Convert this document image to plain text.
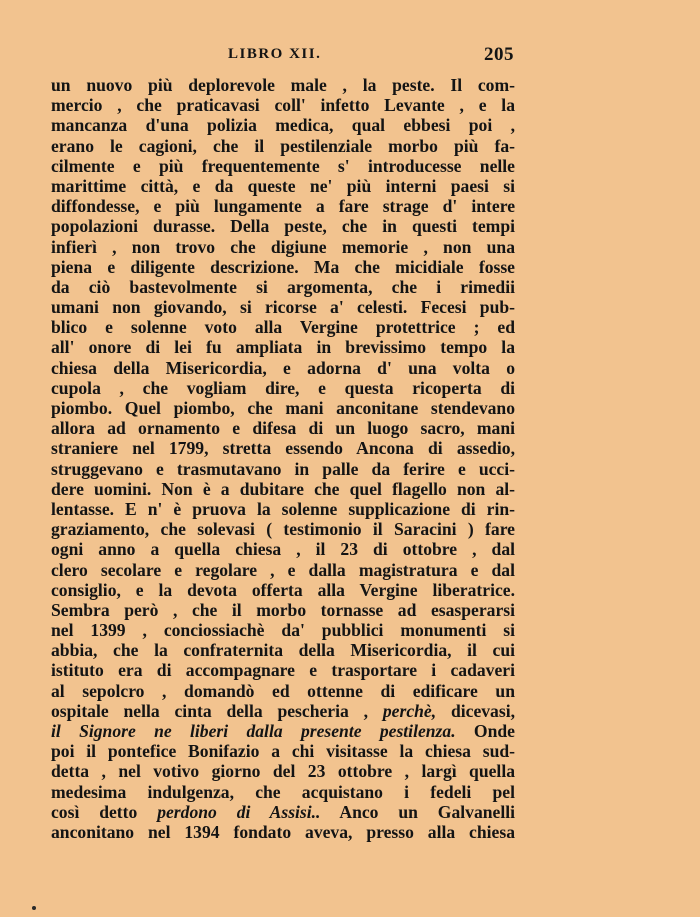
LIBRO XII.	205
un nuovo più deplorevole male , la peste. Il com-
mercio , che praticavasi coll' infetto Levante , e la
mancanza d'una polizia medica, qual ebbesi poi ,
erano le cagioni, che il pestilenziale morbo più fa-
cilmente e più frequentemente s' introducesse nelle
marittime città, e da queste ne' più interni paesi si
diffondesse, e più lungamente a fare strage d' intere
popolazioni durasse. Della peste, che in questi tempi
infierì , non trovo che digiune memorie , non una
piena e diligente descrizione. Ma che micidiale fosse
da ciò bastevolmente si argomenta, che i rimedii
umani non giovando, si ricorse a' celesti. Fecesi pub-
blico e solenne voto alla Vergine protettrice ; ed
all' onore di lei fu ampliata in brevissimo tempo la
chiesa della Misericordia, e adorna d' una volta o
cupola , che vogliam dire, e questa ricoperta di
piombo. Quel piombo, che mani anconitane stendevano
allora ad ornamento e difesa di un luogo sacro, mani
straniere nel 1799, stretta essendo Ancona di assedio,
struggevano e trasmutavano in palle da ferire e ucci-
dere uomini. Non è a dubitare che quel flagello non al-
lentasse. E n' è pruova la solenne supplicazione di rin-
graziamento, che solevasi ( testimonio il Saracini ) fare
ogni anno a quella chiesa , il 23 di ottobre , dal
clero secolare e regolare , e dalla magistratura e dal
consiglio, e la devota offerta alla Vergine liberatrice.
Sembra però , che il morbo tornasse ad esasperarsi
nel 1399 , conciossiachè da' pubblici monumenti si
abbia, che la confraternita della Misericordia, il cui
istituto era di accompagnare e trasportare i cadaveri
al sepolcro , domandò ed ottenne di edificare un
ospitale nella cinta della pescheria , perchè, dicevasi,
il Signore ne liberi dalla presente pestilenza. Onde
poi il pontefice Bonifazio a chi visitasse la chiesa sud-
detta , nel votivo giorno del 23 ottobre , largì quella
medesima indulgenza, che acquistano i fedeli pel
così detto perdono di Assisi.. Anco un Galvanelli
anconitano nel 1394 fondato aveva, presso alla chiesa
